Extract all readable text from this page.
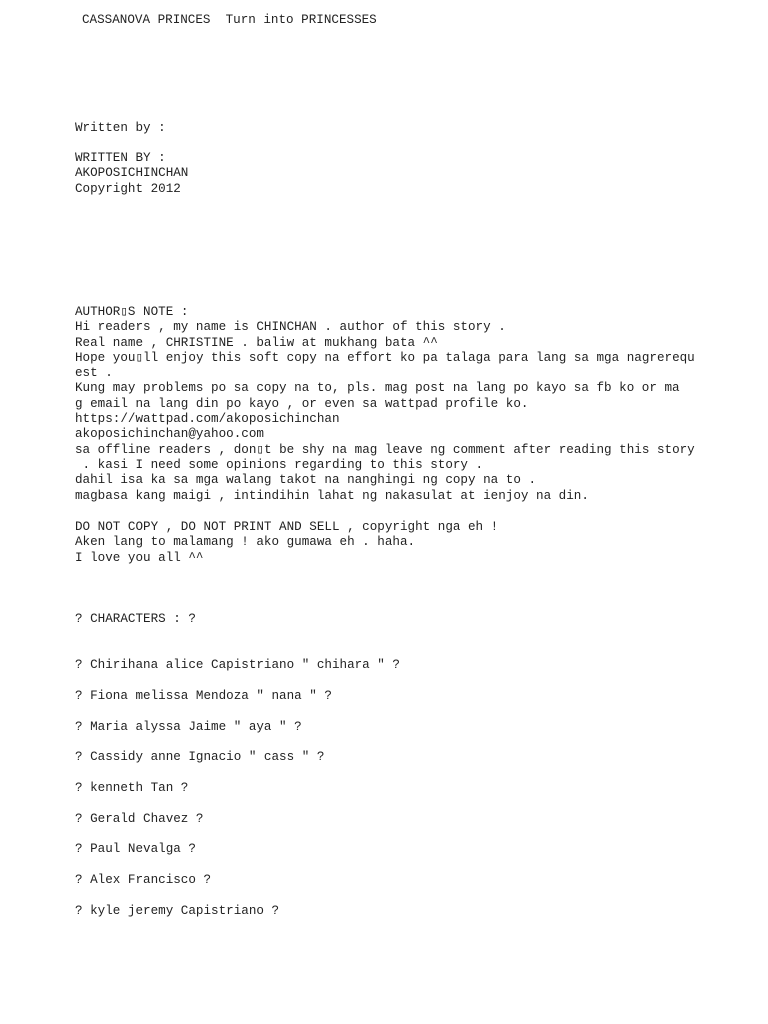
CASSANOVA PRINCES  Turn into PRINCESSES

Written by :

WRITTEN BY :
AKOPOSICHINCHAN
Copyright 2012
AUTHOR▯S NOTE :
Hi readers , my name is CHINCHAN . author of this story .
Real name , CHRISTINE . baliw at mukhang bata ^^
Hope you▯ll enjoy this soft copy na effort ko pa talaga para lang sa mga nagrerequ
est .
Kung may problems po sa copy na to, pls. mag post na lang po kayo sa fb ko or ma
g email na lang din po kayo , or even sa wattpad profile ko.
https://wattpad.com/akoposichinchan
akoposichinchan@yahoo.com
sa offline readers , don▯t be shy na mag leave ng comment after reading this story
. kasi I need some opinions regarding to this story .
dahil isa ka sa mga walang takot na nanghingi ng copy na to .
magbasa kang maigi , intindihin lahat ng nakasulat at ienjoy na din.
DO NOT COPY , DO NOT PRINT AND SELL , copyright nga eh !
Aken lang to malamang ! ako gumawa eh . haha.
I love you all ^^

? CHARACTERS : ?

? Chirihana alice Capistriano " chihara " ?

? Fiona melissa Mendoza " nana " ?

? Maria alyssa Jaime " aya " ?

? Cassidy anne Ignacio " cass " ?

? kenneth Tan ?

? Gerald Chavez ?

? Paul Nevalga ?

? Alex Francisco ?

? kyle jeremy Capistriano ?
